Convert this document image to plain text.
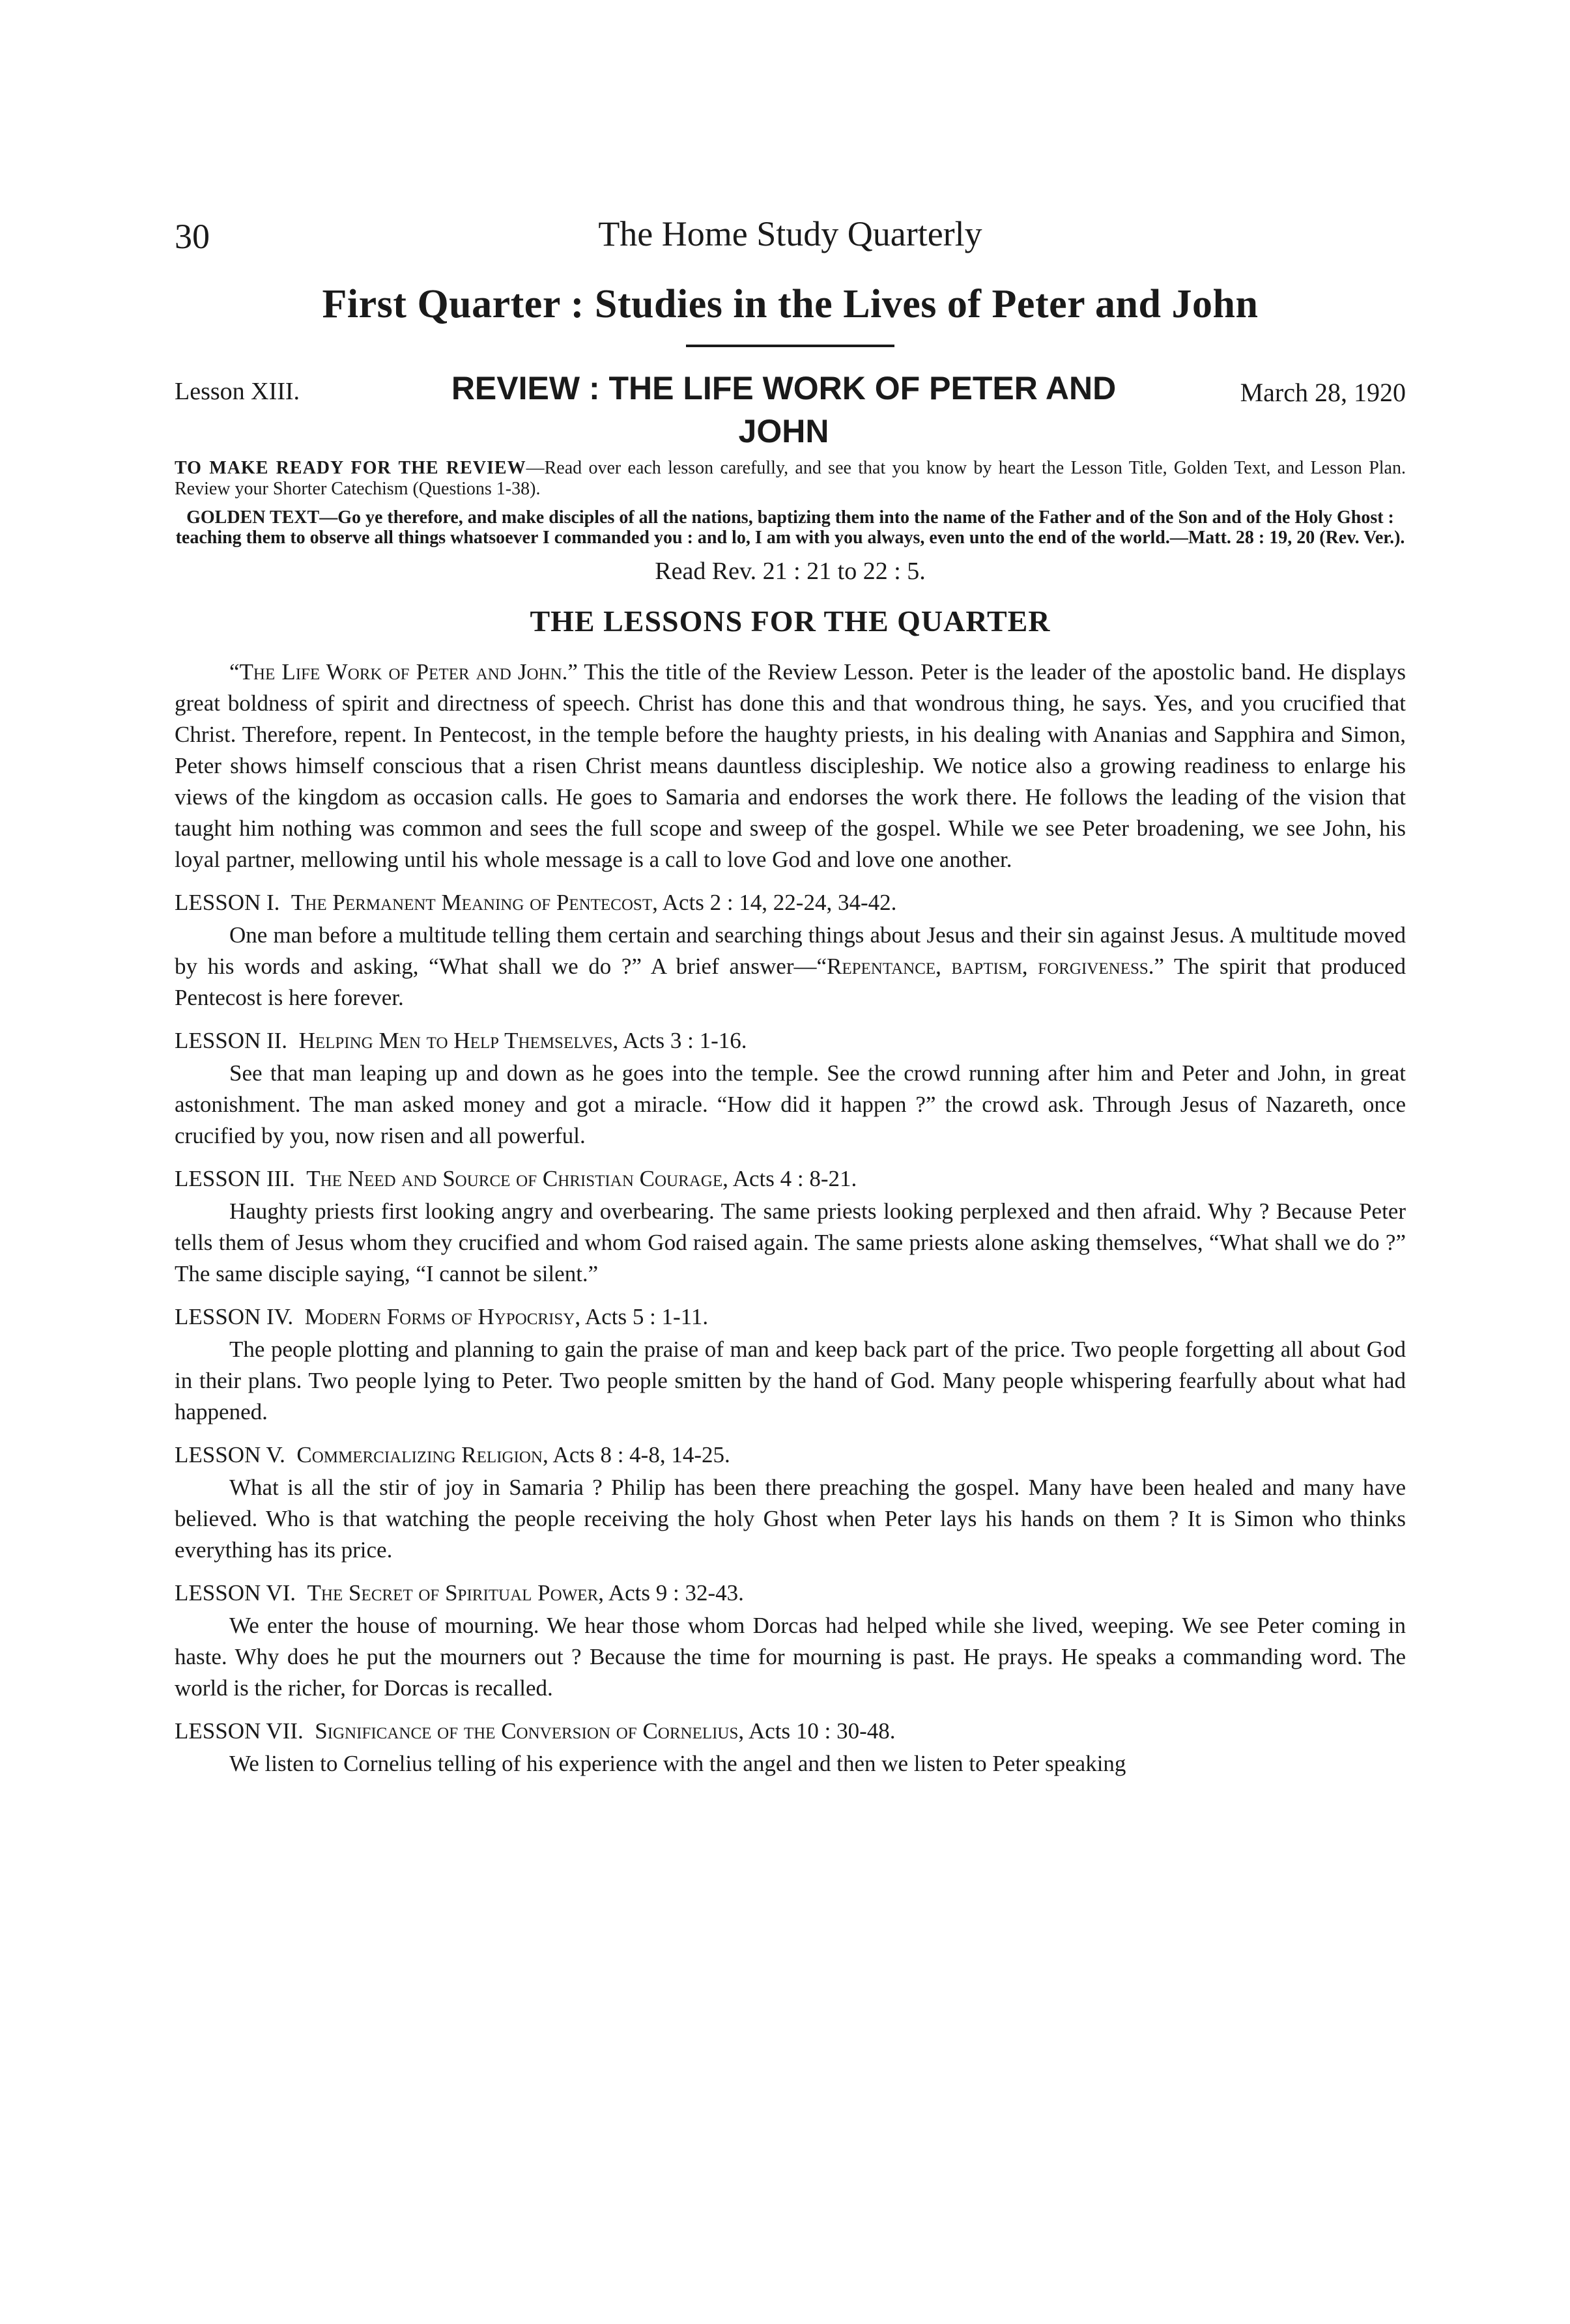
30	The Home Study Quarterly
First Quarter : Studies in the Lives of Peter and John
Lesson XIII.	REVIEW : THE LIFE WORK OF PETER AND JOHN
March 28, 1920
TO MAKE READY FOR THE REVIEW—Read over each lesson carefully, and see that you know by heart the Lesson Title, Golden Text, and Lesson Plan. Review your Shorter Catechism (Questions 1-38).
GOLDEN TEXT—Go ye therefore, and make disciples of all the nations, baptizing them into the name of the Father and of the Son and of the Holy Ghost : teaching them to observe all things whatsoever I commanded you : and lo, I am with you always, even unto the end of the world.—Matt. 28 : 19, 20 (Rev. Ver.).
Read Rev. 21 : 21 to 22 : 5.
THE LESSONS FOR THE QUARTER

“The Life Work of Peter and John.” This the title of the Review Lesson. Peter is the leader of the apostolic band. He displays great boldness of spirit and directness of speech. Christ has done this and that wondrous thing, he says. Yes, and you crucified that Christ. Therefore, repent. In Pentecost, in the temple before the haughty priests, in his dealing with Ananias and Sapphira and Simon, Peter shows himself conscious that a risen Christ means dauntless discipleship. We notice also a growing readiness to enlarge his views of the kingdom as occasion calls. He goes to Samaria and endorses the work there. He follows the leading of the vision that taught him nothing was common and sees the full scope and sweep of the gospel. While we see Peter broadening, we see John, his loyal partner, mellowing until his whole message is a call to love God and love one another.

LESSON I. The Permanent Meaning of Pentecost, Acts 2 : 14, 22-24, 34-42.

One man before a multitude telling them certain and searching things about Jesus and their sin against Jesus. A multitude moved by his words and asking, “What shall we do ?” A brief answer—“Repentance, baptism, forgiveness.” The spirit that produced Pentecost is here forever.

LESSON II. Helping Men to Help Themselves, Acts 3 : 1-16.

See that man leaping up and down as he goes into the temple. See the crowd running after him and Peter and John, in great astonishment. The man asked money and got a miracle. “How did it happen ?” the crowd ask. Through Jesus of Nazareth, once crucified by you, now risen and all powerful.

LESSON III. The Need and Source of Christian Courage, Acts 4 : 8-21.

Haughty priests first looking angry and overbearing. The same priests looking perplexed and then afraid. Why ? Because Peter tells them of Jesus whom they crucified and whom God raised again. The same priests alone asking themselves, “What shall we do ?” The same disciple saying, “I cannot be silent.”

LESSON IV. Modern Forms of Hypocrisy, Acts 5 : 1-11.

The people plotting and planning to gain the praise of man and keep back part of the price. Two people forgetting all about God in their plans. Two people lying to Peter. Two people smitten by the hand of God. Many people whispering fearfully about what had happened.

LESSON V. Commercializing Religion, Acts 8 : 4-8, 14-25.

What is all the stir of joy in Samaria ? Philip has been there preaching the gospel. Many have been healed and many have believed. Who is that watching the people receiving the holy Ghost when Peter lays his hands on them ? It is Simon who thinks everything has its price.

LESSON VI. The Secret of Spiritual Power, Acts 9 : 32-43.

We enter the house of mourning. We hear those whom Dorcas had helped while she lived, weeping. We see Peter coming in haste. Why does he put the mourners out ? Because the time for mourning is past. He prays. He speaks a commanding word. The world is the richer, for Dorcas is recalled.

LESSON VII. Significance of the Conversion of Cornelius, Acts 10 : 30-48.

We listen to Cornelius telling of his experience with the angel and then we listen to Peter speaking
